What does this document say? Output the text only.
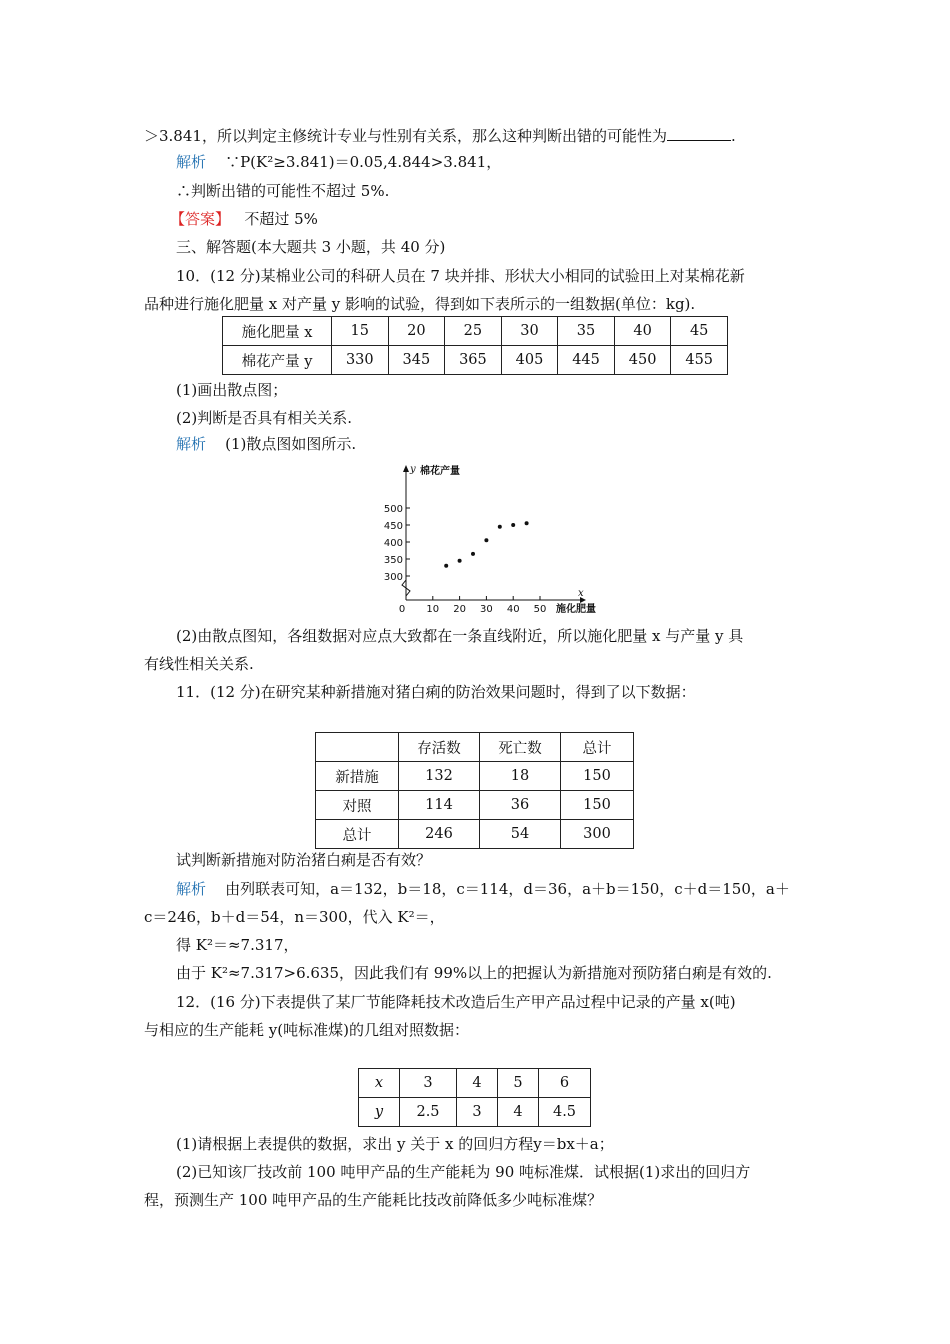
＞3.841，所以判定主修统计专业与性别有关系，那么这种判断出错的可能性为	.
解析 ∵P(K²≥3.841)＝0.05,4.844>3.841，
∴判断出错的可能性不超过 5%.
【答案】 不超过 5%
三、解答题(本大题共 3 小题，共 40 分)
10．(12 分)某棉业公司的科研人员在 7 块并排、形状大小相同的试验田上对某棉花新
品种进行施化肥量 x 对产量 y 影响的试验，得到如下表所示的一组数据(单位：kg).
施化肥量 x	15	20	25	30	35	40	45
棉花产量 y	330	345	365	405	445	450	455
(1)画出散点图；
(2)判断是否具有相关关系.
解析 (1)散点图如图所示.
300
350
400
450
500
0 10 20 30 40 50
y 棉花产量
x
施化肥量
(2)由散点图知，各组数据对应点大致都在一条直线附近，所以施化肥量 x 与产量 y 具
有线性相关关系.
11．(12 分)在研究某种新措施对猪白痢的防治效果问题时，得到了以下数据：
	存活数	死亡数	总计
新措施	132	18	150
对照	114	36	150
总计	246	54	300
试判断新措施对防治猪白痢是否有效？
解析 由列联表可知，a＝132，b＝18，c＝114，d＝36，a＋b＝150，c＋d＝150，a＋
c＝246，b＋d＝54，n＝300，代入 K²＝，
得 K²＝≈7.317，
由于 K²≈7.317>6.635，因此我们有 99%以上的把握认为新措施对预防猪白痢是有效的.
12．(16 分)下表提供了某厂节能降耗技术改造后生产甲产品过程中记录的产量 x(吨)
与相应的生产能耗 y(吨标准煤)的几组对照数据：
x	3	4	5	6
y	2.5	3	4	4.5
(1)请根据上表提供的数据，求出 y 关于 x 的回归方程y＝bx＋a；
(2)已知该厂技改前 100 吨甲产品的生产能耗为 90 吨标准煤．试根据(1)求出的回归方
程，预测生产 100 吨甲产品的生产能耗比技改前降低多少吨标准煤？
